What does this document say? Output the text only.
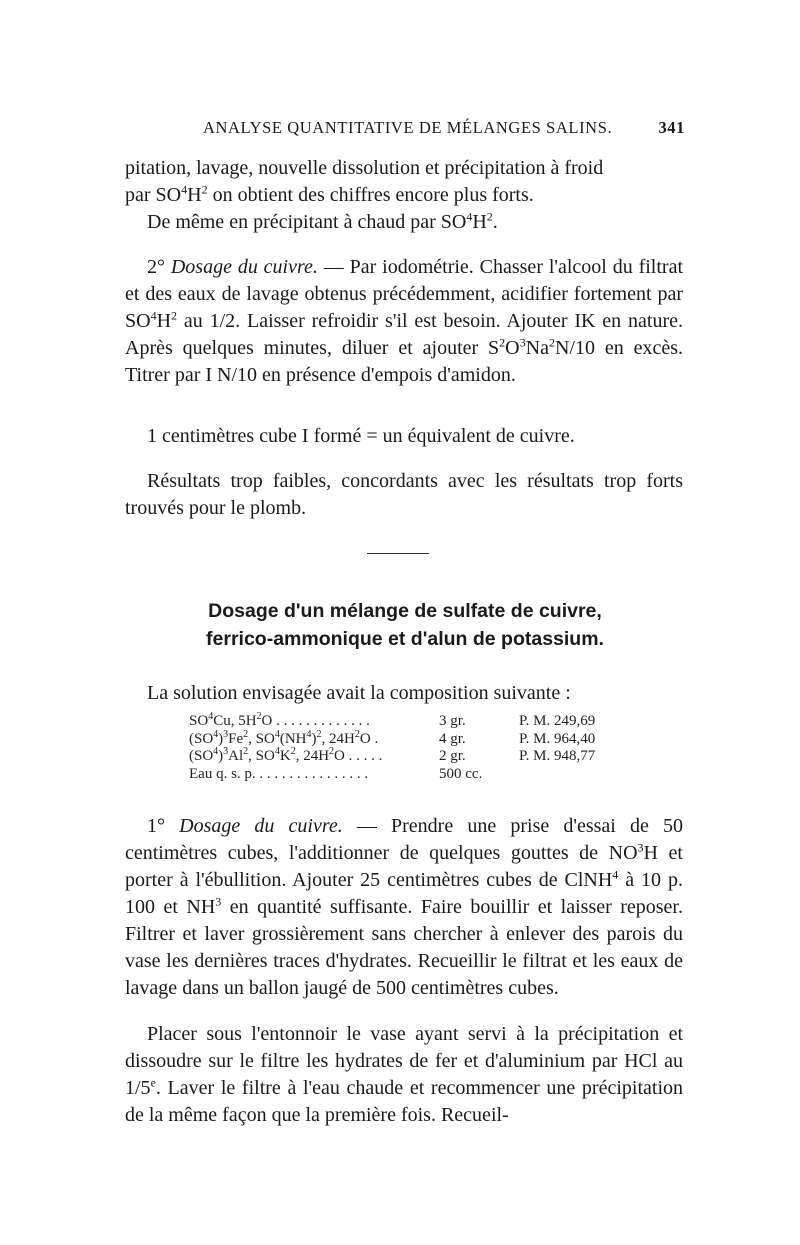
ANALYSE QUANTITATIVE DE MÉLANGES SALINS.	341

pitation, lavage, nouvelle dissolution et précipitation à froid

par $SO^4H^2$ on obtient des chiffres encore plus forts.

De même en précipitant à chaud par $SO^4H^2$.

2° Dosage du cuivre. — Par iodométrie. Chasser l'alcool du filtrat et des eaux de lavage obtenus précédemment, acidifier fortement par $SO^4H^2$ au 1/2. Laisser refroidir s'il est besoin. Ajouter IK en nature. Après quelques minutes, diluer et ajouter $S^2O^3Na^2N/10$ en excès. Titrer par I N/10 en présence d'empois d'amidon.

1 centimètres cube I formé = un équivalent de cuivre.

Résultats trop faibles, concordants avec les résultats trop forts trouvés pour le plomb.

Dosage d'un mélange de sulfate de cuivre,
ferrico-ammonique et d'alun de potassium.

La solution envisagée avait la composition suivante :

$SO^4Cu$, $5H^2O$ . . . . . . . . . . . . .	3 gr.	P. M. 249,69
$(SO^4)^3Fe^2$, $SO^4(NH^4)^2$, $24H^2O$ .	4 gr.	P. M. 964,40
$(SO^4)^3Al^2$, $SO^4K^2$, $24H^2O$ . . . . .	2 gr.	P. M. 948,77
Eau q. s. p. . . . . . . . . . . . . . . .	500 cc.

1° Dosage du cuivre. — Prendre une prise d'essai de 50 centimètres cubes, l'additionner de quelques gouttes de $NO^3H$ et porter à l'ébullition. Ajouter 25 centimètres cubes de ClNH$^4$ à 10 p. 100 et $NH^3$ en quantité suffisante. Faire bouillir et laisser reposer. Filtrer et laver grossièrement sans chercher à enlever des parois du vase les dernières traces d'hydrates. Recueillir le filtrat et les eaux de lavage dans un ballon jaugé de 500 centimètres cubes.

Placer sous l'entonnoir le vase ayant servi à la précipitation et dissoudre sur le filtre les hydrates de fer et d'aluminium par HCl au 1/5e. Laver le filtre à l'eau chaude et recommencer une précipitation de la même façon que la première fois. Recueil-
